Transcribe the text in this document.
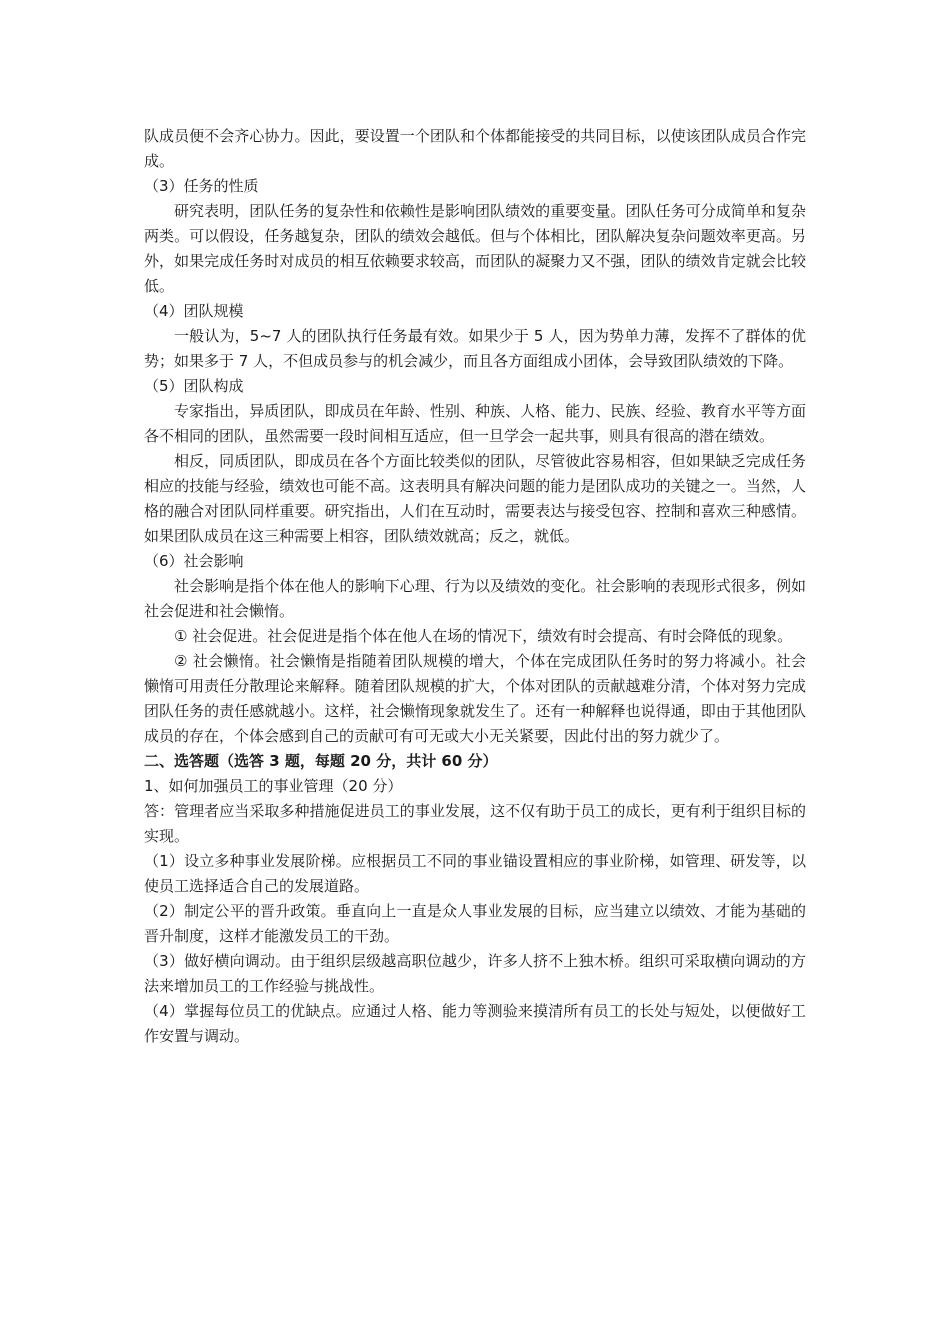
队成员便不会齐心协力。因此，要设置一个团队和个体都能接受的共同目标，以使该团队成员合作完成。

（3）任务的性质

研究表明，团队任务的复杂性和依赖性是影响团队绩效的重要变量。团队任务可分成简单和复杂两类。可以假设，任务越复杂，团队的绩效会越低。但与个体相比，团队解决复杂问题效率更高。另外，如果完成任务时对成员的相互依赖要求较高，而团队的凝聚力又不强，团队的绩效肯定就会比较低。

（4）团队规模

一般认为，5~7 人的团队执行任务最有效。如果少于 5 人，因为势单力薄，发挥不了群体的优势；如果多于 7 人，不但成员参与的机会减少，而且各方面组成小团体，会导致团队绩效的下降。

（5）团队构成

专家指出，异质团队，即成员在年龄、性别、种族、人格、能力、民族、经验、教育水平等方面各不相同的团队，虽然需要一段时间相互适应，但一旦学会一起共事，则具有很高的潜在绩效。

相反，同质团队，即成员在各个方面比较类似的团队，尽管彼此容易相容，但如果缺乏完成任务相应的技能与经验，绩效也可能不高。这表明具有解决问题的能力是团队成功的关键之一。当然，人格的融合对团队同样重要。研究指出，人们在互动时，需要表达与接受包容、控制和喜欢三种感情。如果团队成员在这三种需要上相容，团队绩效就高；反之，就低。

（6）社会影响

社会影响是指个体在他人的影响下心理、行为以及绩效的变化。社会影响的表现形式很多，例如社会促进和社会懒惰。

① 社会促进。社会促进是指个体在他人在场的情况下，绩效有时会提高、有时会降低的现象。

② 社会懒惰。社会懒惰是指随着团队规模的增大，个体在完成团队任务时的努力将减小。社会懒惰可用责任分散理论来解释。随着团队规模的扩大，个体对团队的贡献越难分清，个体对努力完成团队任务的责任感就越小。这样，社会懒惰现象就发生了。还有一种解释也说得通，即由于其他团队成员的存在，个体会感到自己的贡献可有可无或大小无关紧要，因此付出的努力就少了。

二、选答题（选答 3 题，每题 20 分，共计 60 分）

1、如何加强员工的事业管理（20 分）

答：管理者应当采取多种措施促进员工的事业发展，这不仅有助于员工的成长，更有利于组织目标的实现。

（1）设立多种事业发展阶梯。应根据员工不同的事业锚设置相应的事业阶梯，如管理、研发等，以使员工选择适合自己的发展道路。

（2）制定公平的晋升政策。垂直向上一直是众人事业发展的目标，应当建立以绩效、才能为基础的晋升制度，这样才能激发员工的干劲。

（3）做好横向调动。由于组织层级越高职位越少，许多人挤不上独木桥。组织可采取横向调动的方法来增加员工的工作经验与挑战性。

（4）掌握每位员工的优缺点。应通过人格、能力等测验来摸清所有员工的长处与短处，以便做好工作安置与调动。
